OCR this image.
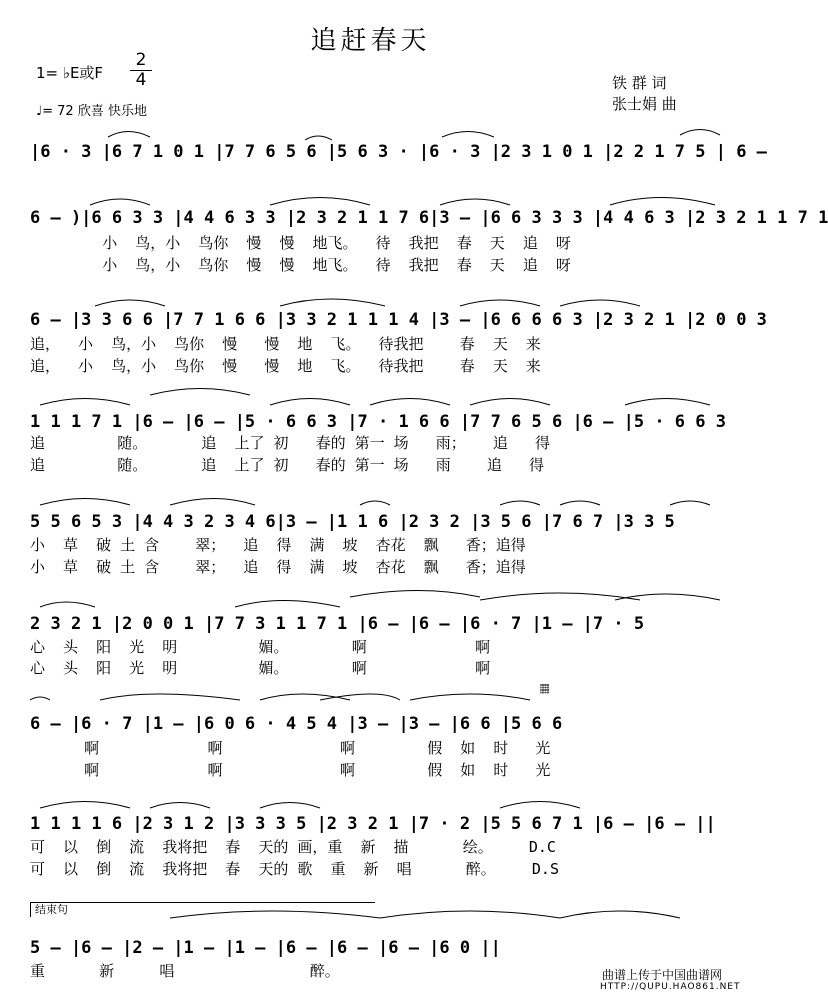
追赶春天
1= ♭E或F
2
4
♩= 72 欣喜 快乐地
铁 群 词
张士娟 曲
|6 · 3 |6 7 1 0 1 |7 7 6 5 6 |5 6 3 · |6 · 3 |2 3 1 0 1 |2 2 1 7 5 | 6 —
6 — )|6 6 3 3 |4 4 6 3 3 |2 3 2 1 1 7 6|3 — |6 6 3 3 3 |4 4 6 3 |2 3 2 1 1 7 1
小  鸟，小  鸟你  慢  慢  地飞。  待  我把  春  天  追  呀
小  鸟，小  鸟你  慢  慢  地飞。  待  我把  春  天  追  呀
6 — |3 3 6 6 |7 7 1 6 6 |3 3 2 1 1 1 4 |3 — |6 6 6 6 3 |2 3 2 1 |2 0 0 3
追，  小  鸟，小  鸟你  慢   慢  地  飞。  待我把    春  天  来
追，  小  鸟，小  鸟你  慢   慢  地  飞。  待我把    春  天  来
1 1 1 7 1 |6 — |6 — |5 · 6 6 3 |7 · 1 6 6 |7 7 6 5 6 |6 — |5 · 6 6 3
追        随。      追  上了 初   春的 第一 场   雨；   追   得
追        随。      追  上了 初   春的 第一 场   雨    追   得
5 5 6 5 3 |4 4 3 2 3 4 6|3 — |1 1 6 |2 3 2 |3 5 6 |7 6 7 |3 3 5
小  草  破 土 含    翠；  追  得  满  坡  杏花  飘   香；追得
小  草  破 土 含    翠；  追  得  满  坡  杏花  飘   香；追得
2 3 2 1 |2 0 0 1 |7 7 3 1 1 7 1 |6 — |6 — |6 · 7 |1 — |7 · 5
心  头  阳  光  明         媚。       啊            啊
心  头  阳  光  明         媚。       啊            啊
6 — |6 · 7 |1 — |6 0 6 · 4 5 4 |3 — |3 — |6 6 |5 6 6
啊            啊             啊        假  如  时   光
啊            啊             啊        假  如  时   光
1 1 1 1 6 |2 3 1 2 |3 3 3 5 |2 3 2 1 |7 · 2 |5 5 6 7 1 |6 — |6 — ||
可  以  倒  流  我将把  春  天的 画，重  新  描      绘。    D.C
可  以  倒  流  我将把  春  天的 歌  重  新  唱      醉。    D.S
结束句
5 — |6 — |2 — |1 — |1 — |6 — |6 — |6 — |6 0 ||
重      新     唱               醉。
𝄜
曲谱上传于中国曲谱网
HTTP://QUPU.HAO861.NET
